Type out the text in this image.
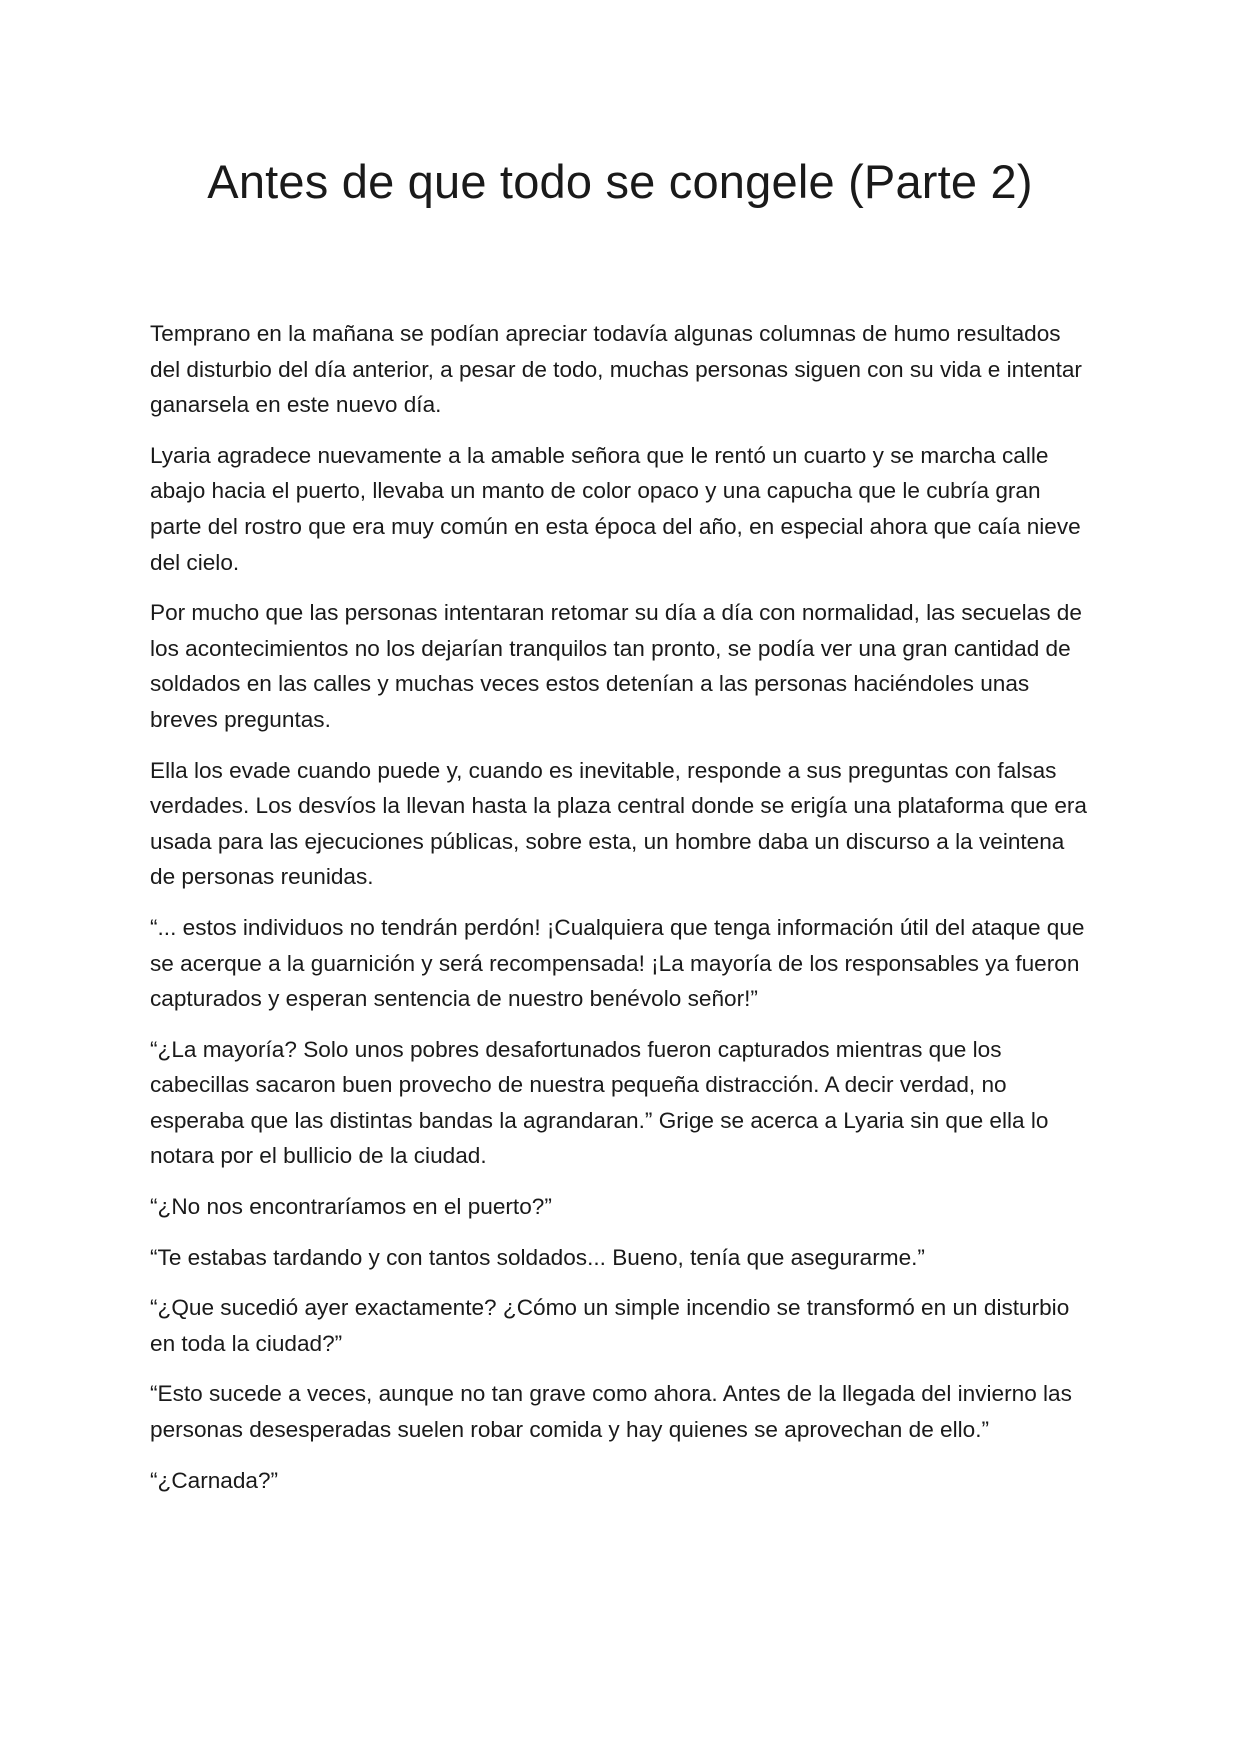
Antes de que todo se congele (Parte 2)

Temprano en la mañana se podían apreciar todavía algunas columnas de humo resultados del disturbio del día anterior, a pesar de todo, muchas personas siguen con su vida e intentar ganarsela en este nuevo día.

Lyaria agradece nuevamente a la amable señora que le rentó un cuarto y se marcha calle abajo hacia el puerto, llevaba un manto de color opaco y una capucha que le cubría gran parte del rostro que era muy común en esta época del año, en especial ahora que caía nieve del cielo.

Por mucho que las personas intentaran retomar su día a día con normalidad, las secuelas de los acontecimientos no los dejarían tranquilos tan pronto, se podía ver una gran cantidad de soldados en las calles y muchas veces estos detenían a las personas haciéndoles unas breves preguntas.

Ella los evade cuando puede y, cuando es inevitable, responde a sus preguntas con falsas verdades. Los desvíos la llevan hasta la plaza central donde se erigía una plataforma que era usada para las ejecuciones públicas, sobre esta, un hombre daba un discurso a la veintena de personas reunidas.

“... estos individuos no tendrán perdón! ¡Cualquiera que tenga información útil del ataque que se acerque a la guarnición y será recompensada! ¡La mayoría de los responsables ya fueron capturados y esperan sentencia de nuestro benévolo señor!”

“¿La mayoría? Solo unos pobres desafortunados fueron capturados mientras que los cabecillas sacaron buen provecho de nuestra pequeña distracción. A decir verdad, no esperaba que las distintas bandas la agrandaran.” Grige se acerca a Lyaria sin que ella lo notara por el bullicio de la ciudad.

“¿No nos encontraríamos en el puerto?”

“Te estabas tardando y con tantos soldados... Bueno, tenía que asegurarme.”

“¿Que sucedió ayer exactamente? ¿Cómo un simple incendio se transformó en un disturbio en toda la ciudad?”

“Esto sucede a veces, aunque no tan grave como ahora. Antes de la llegada del invierno las personas desesperadas suelen robar comida y hay quienes se aprovechan de ello.”

“¿Carnada?”
